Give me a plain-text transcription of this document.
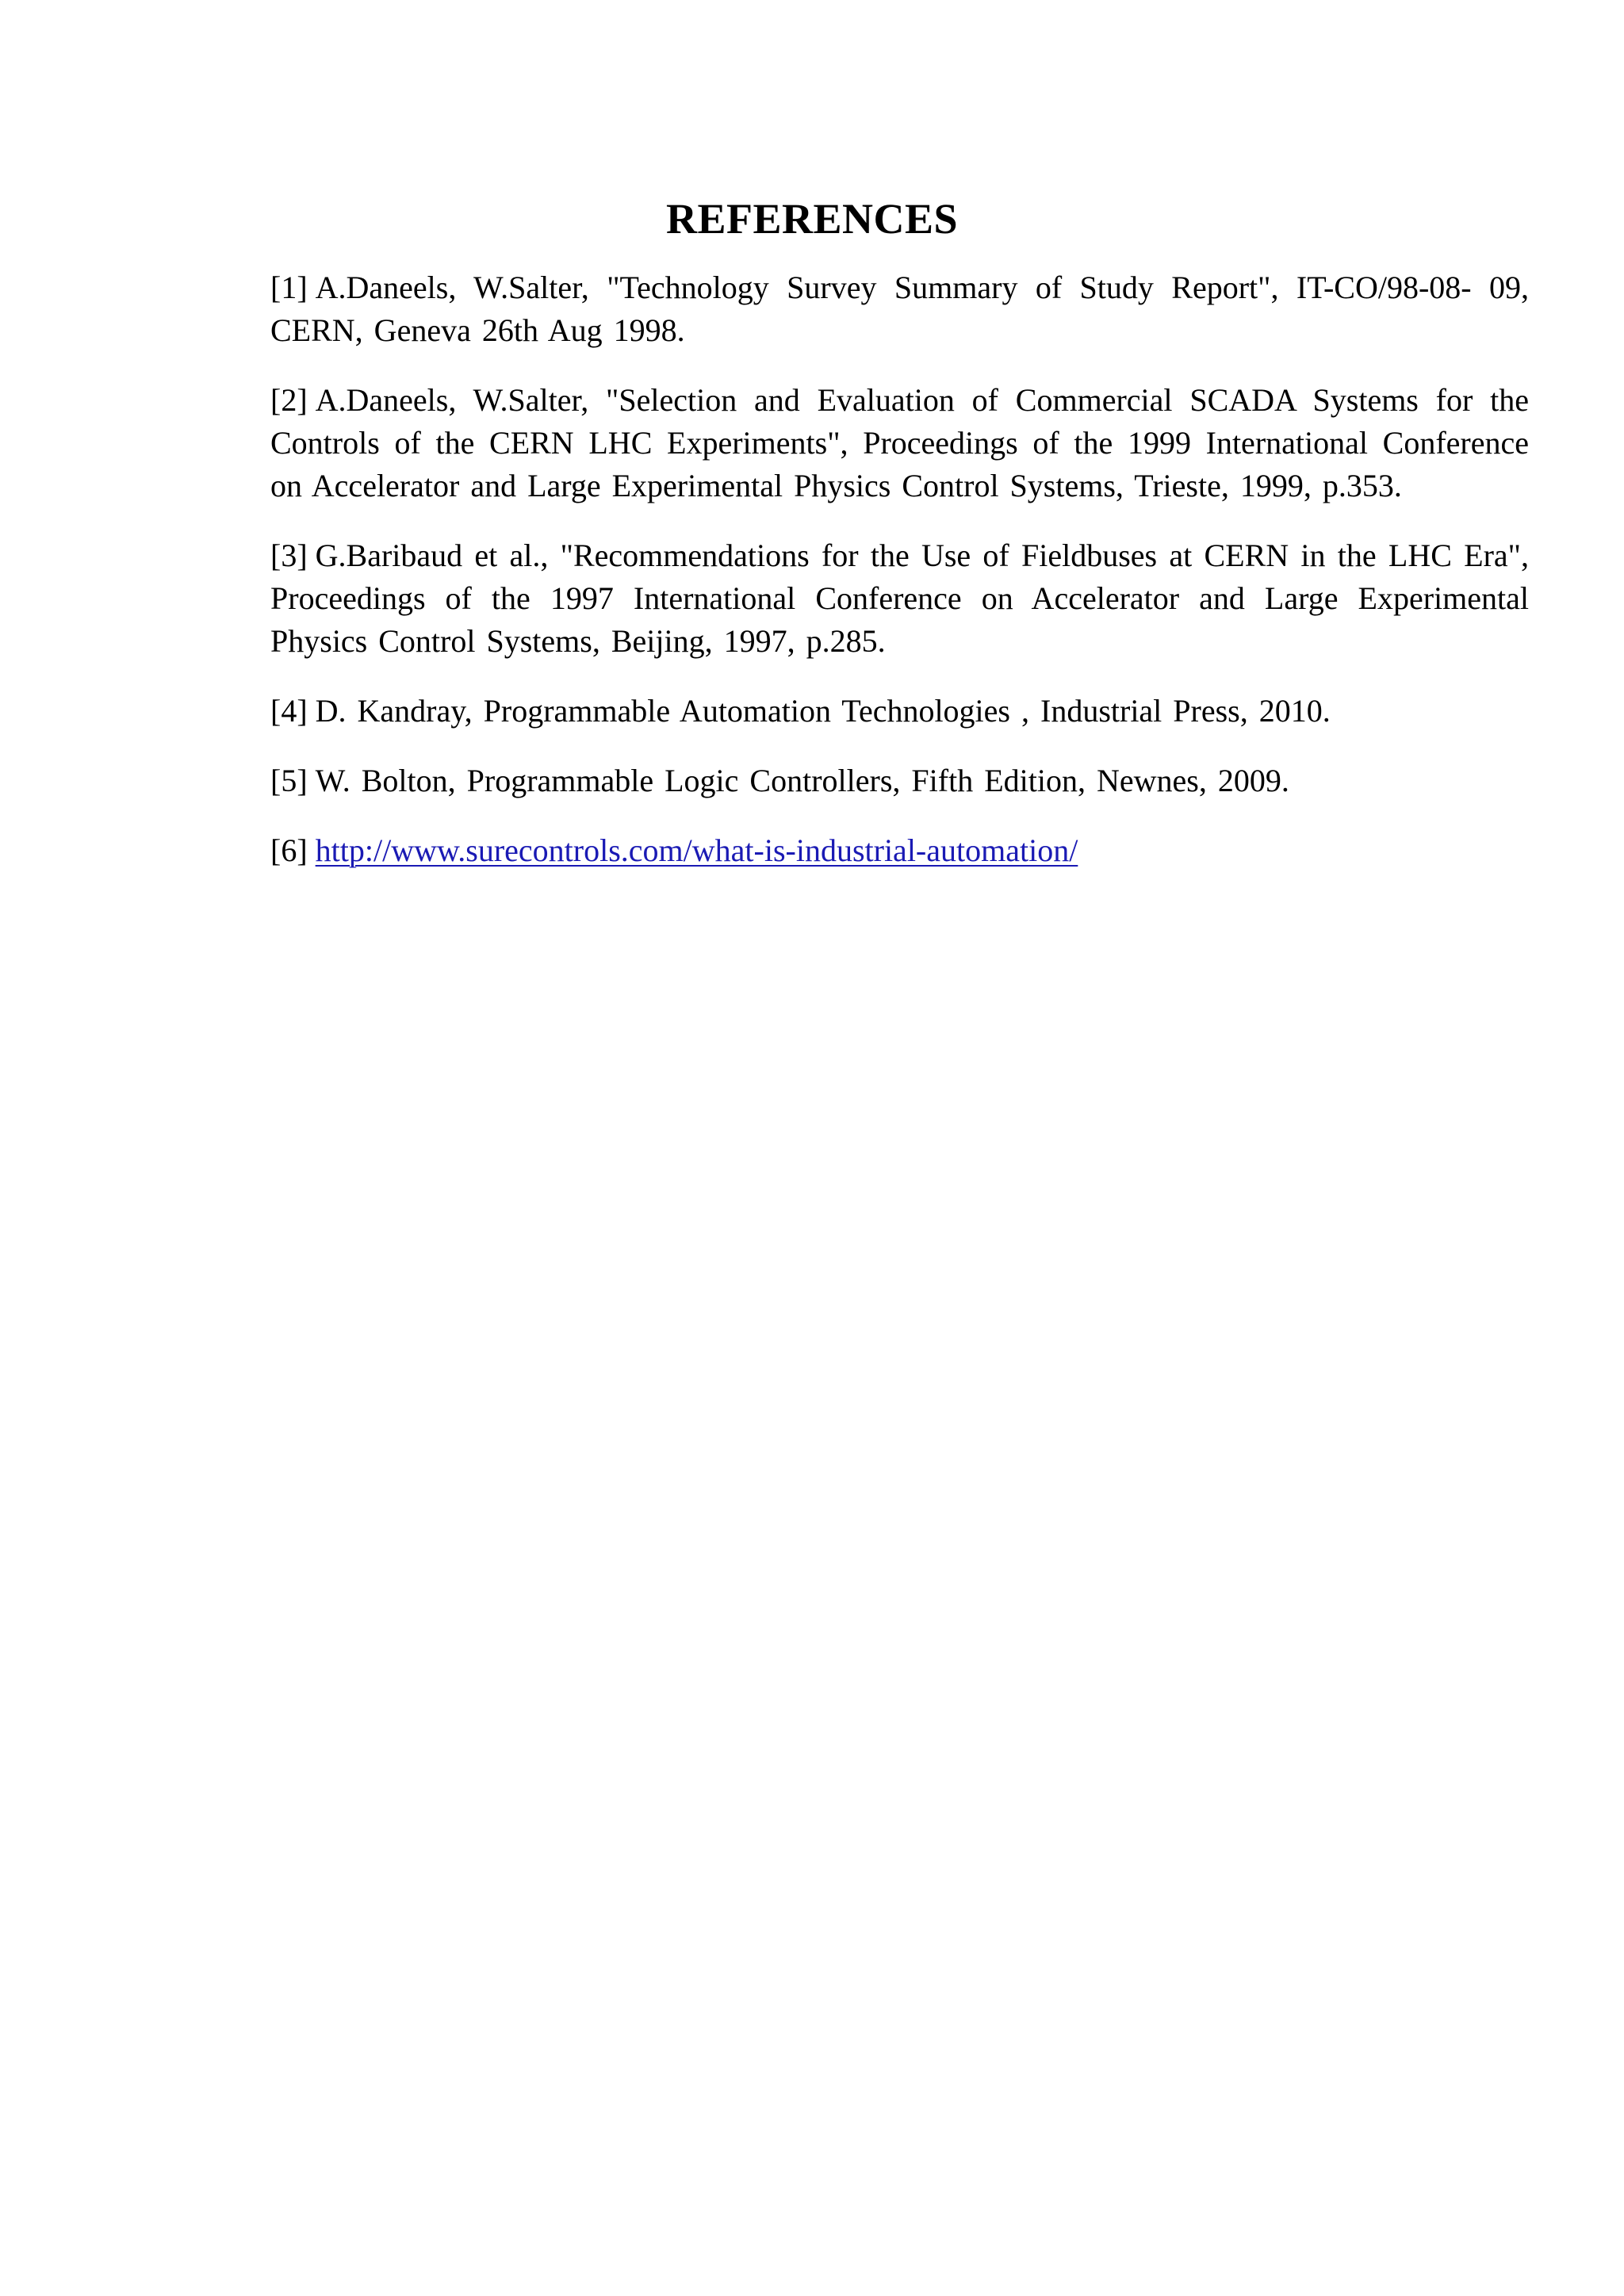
REFERENCES
[1] A.Daneels, W.Salter, "Technology Survey Summary of Study Report", IT-CO/98-08- 09, CERN, Geneva 26th Aug 1998.
[2] A.Daneels, W.Salter, "Selection and Evaluation of Commercial SCADA Systems for the Controls of the CERN LHC Experiments", Proceedings of the 1999 International Conference on Accelerator and Large Experimental Physics Control Systems, Trieste, 1999, p.353.
[3] G.Baribaud et al., "Recommendations for the Use of Fieldbuses at CERN in the LHC Era", Proceedings of the 1997 International Conference on Accelerator and Large Experimental Physics Control Systems, Beijing, 1997, p.285.
[4] D. Kandray, Programmable Automation Technologies , Industrial Press, 2010.
[5] W. Bolton, Programmable Logic Controllers, Fifth Edition, Newnes, 2009.
[6] http://www.surecontrols.com/what-is-industrial-automation/
